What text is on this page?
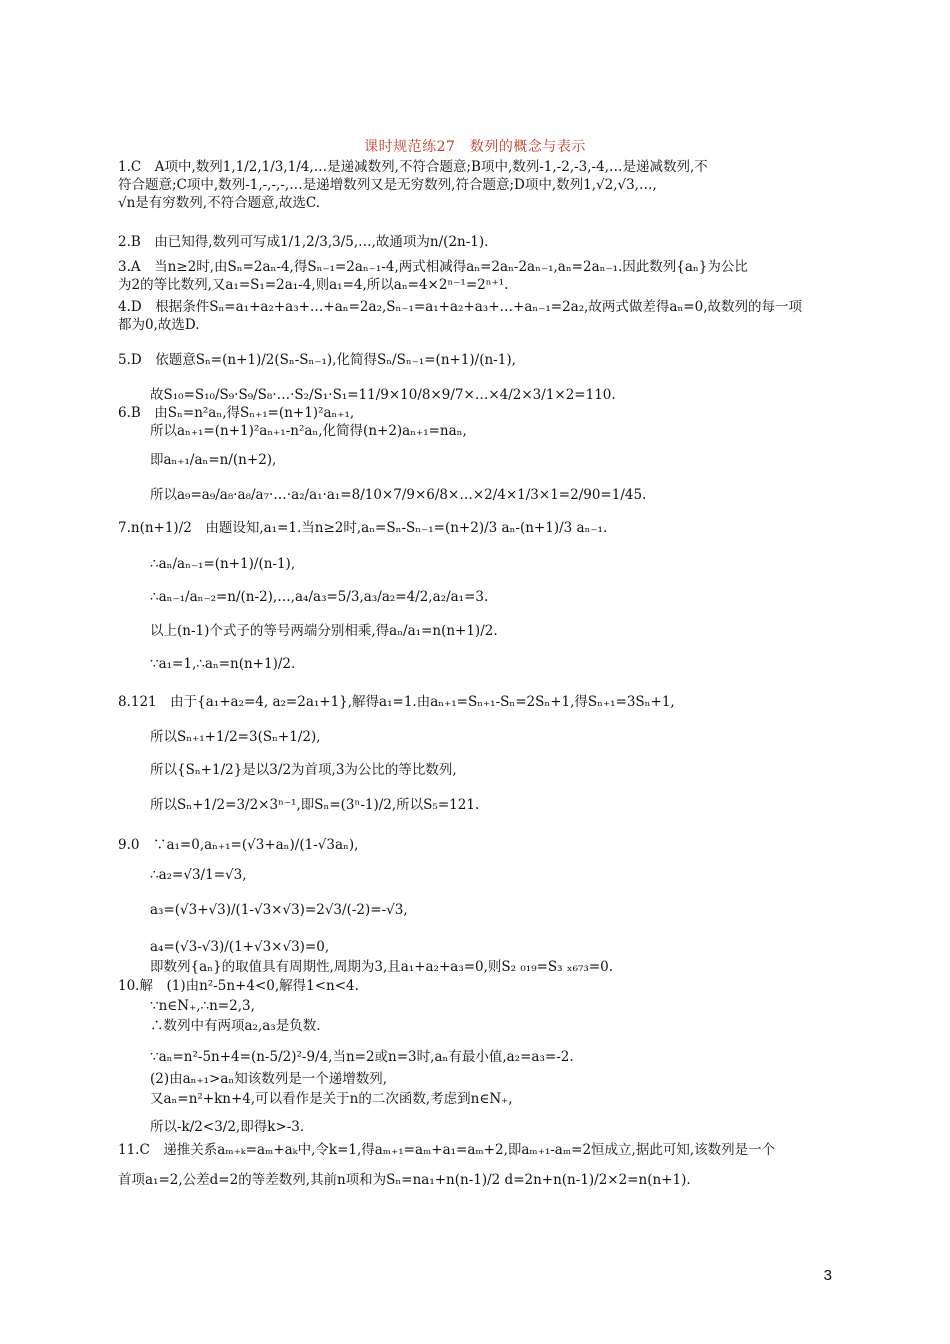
课时规范练27　数列的概念与表示
1.C　A项中,数列1,1/2,1/3,1/4,…是递减数列,不符合题意;B项中,数列-1,-2,-3,-4,…是递减数列,不
符合题意;C项中,数列-1,-,-,-,…是递增数列又是无穷数列,符合题意;D项中,数列1,√2,√3,…,
√n是有穷数列,不符合题意,故选C.
2.B　由已知得,数列可写成1/1,2/3,3/5,…,故通项为n/(2n-1).
3.A　当n≥2时,由Sₙ=2aₙ-4,得Sₙ₋₁=2aₙ₋₁-4,两式相减得aₙ=2aₙ-2aₙ₋₁,aₙ=2aₙ₋₁.因此数列{aₙ}为公比
为2的等比数列,又a₁=S₁=2a₁-4,则a₁=4,所以aₙ=4×2ⁿ⁻¹=2ⁿ⁺¹.
4.D　根据条件Sₙ=a₁+a₂+a₃+…+aₙ=2a₂,Sₙ₋₁=a₁+a₂+a₃+…+aₙ₋₁=2a₂,故两式做差得aₙ=0,故数列的每一项
都为0,故选D.
5.D　依题意Sₙ=(n+1)/2(Sₙ-Sₙ₋₁),化简得Sₙ/Sₙ₋₁=(n+1)/(n-1),
故S₁₀=S₁₀/S₉·S₉/S₈·…·S₂/S₁·S₁=11/9×10/8×9/7×…×4/2×3/1×2=110.
6.B　由Sₙ=n²aₙ,得Sₙ₊₁=(n+1)²aₙ₊₁,
所以aₙ₊₁=(n+1)²aₙ₊₁-n²aₙ,化简得(n+2)aₙ₊₁=naₙ,
即aₙ₊₁/aₙ=n/(n+2),
所以a₉=a₉/a₈·a₈/a₇·…·a₂/a₁·a₁=8/10×7/9×6/8×…×2/4×1/3×1=2/90=1/45.
7.n(n+1)/2　由题设知,a₁=1.当n≥2时,aₙ=Sₙ-Sₙ₋₁=(n+2)/3 aₙ-(n+1)/3 aₙ₋₁.
∴aₙ/aₙ₋₁=(n+1)/(n-1),
∴aₙ₋₁/aₙ₋₂=n/(n-2),…,a₄/a₃=5/3,a₃/a₂=4/2,a₂/a₁=3.
以上(n-1)个式子的等号两端分别相乘,得aₙ/a₁=n(n+1)/2.
∵a₁=1,∴aₙ=n(n+1)/2.
8.121　由于{a₁+a₂=4, a₂=2a₁+1},解得a₁=1.由aₙ₊₁=Sₙ₊₁-Sₙ=2Sₙ+1,得Sₙ₊₁=3Sₙ+1,
所以Sₙ₊₁+1/2=3(Sₙ+1/2),
所以{Sₙ+1/2}是以3/2为首项,3为公比的等比数列,
所以Sₙ+1/2=3/2×3ⁿ⁻¹,即Sₙ=(3ⁿ-1)/2,所以S₅=121.
9.0　∵a₁=0,aₙ₊₁=(√3+aₙ)/(1-√3aₙ),
∴a₂=√3/1=√3,
a₃=(√3+√3)/(1-√3×√3)=2√3/(-2)=-√3,
a₄=(√3-√3)/(1+√3×√3)=0,
即数列{aₙ}的取值具有周期性,周期为3,且a₁+a₂+a₃=0,则S₂ ₀₁₉=S₃ ₓ₆₇₃=0.
10.解　(1)由n²-5n+4<0,解得1<n<4.
∵n∈N₊,∴n=2,3,
∴数列中有两项a₂,a₃是负数.
∵aₙ=n²-5n+4=(n-5/2)²-9/4,当n=2或n=3时,aₙ有最小值,a₂=a₃=-2.
(2)由aₙ₊₁>aₙ知该数列是一个递增数列,
又aₙ=n²+kn+4,可以看作是关于n的二次函数,考虑到n∈N₊,
所以-k/2<3/2,即得k>-3.
11.C　递推关系aₘ₊ₖ=aₘ+aₖ中,令k=1,得aₘ₊₁=aₘ+a₁=aₘ+2,即aₘ₊₁-aₘ=2恒成立,据此可知,该数列是一个
首项a₁=2,公差d=2的等差数列,其前n项和为Sₙ=na₁+n(n-1)/2 d=2n+n(n-1)/2×2=n(n+1).
3
